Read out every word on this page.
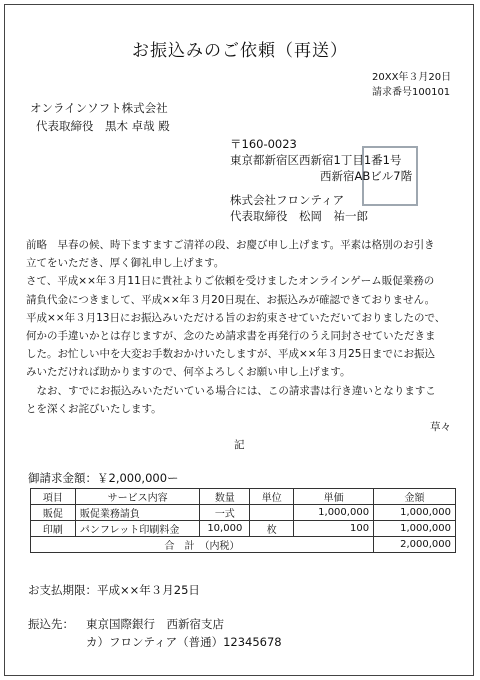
お振込みのご依頼（再送）
20XX年３月20日
請求番号100101
オンラインソフト株式会社
代表取締役　黒木 卓哉 殿
〒160-0023
東京都新宿区西新宿1丁目1番1号
西新宿ABビル7階
株式会社フロンティア
代表取締役　松岡　祐一郎
前略　早春の候、時下ますますご清祥の段、お慶び申し上げます。平素は格別のお引き
立てをいただき、厚く御礼申し上げます。
さて、平成××年３月11日に貴社よりご依頼を受けましたオンラインゲーム販促業務の
請負代金につきまして、平成××年３月20日現在、お振込みが確認できておりません。
平成××年３月13日にお振込みいただける旨のお約束させていただいておりましたので、
何かの手違いかとは存じますが、念のため請求書を再発行のうえ同封させていただきま
した。お忙しい中を大変お手数おかけいたしますが、平成××年３月25日までにお振込
みいただければ助かりますので、何卒よろしくお願い申し上げます。
　なお、すでにお振込みいただいている場合には、この請求書は行き違いとなりますこ
とを深くお詫びいたします。
草々
記
御請求金額：￥2,000,000ー
項目	サービス内容	数量	単位	単価	金額
販促	販促業務請負	一式		1,000,000	1,000,000
印刷	パンフレット印刷料金	10,000	枚	100	1,000,000
合　計　（内税）					2,000,000
お支払期限：平成××年３月25日
振込先： 東京国際銀行　西新宿支店
カ）フロンティア（普通）12345678
